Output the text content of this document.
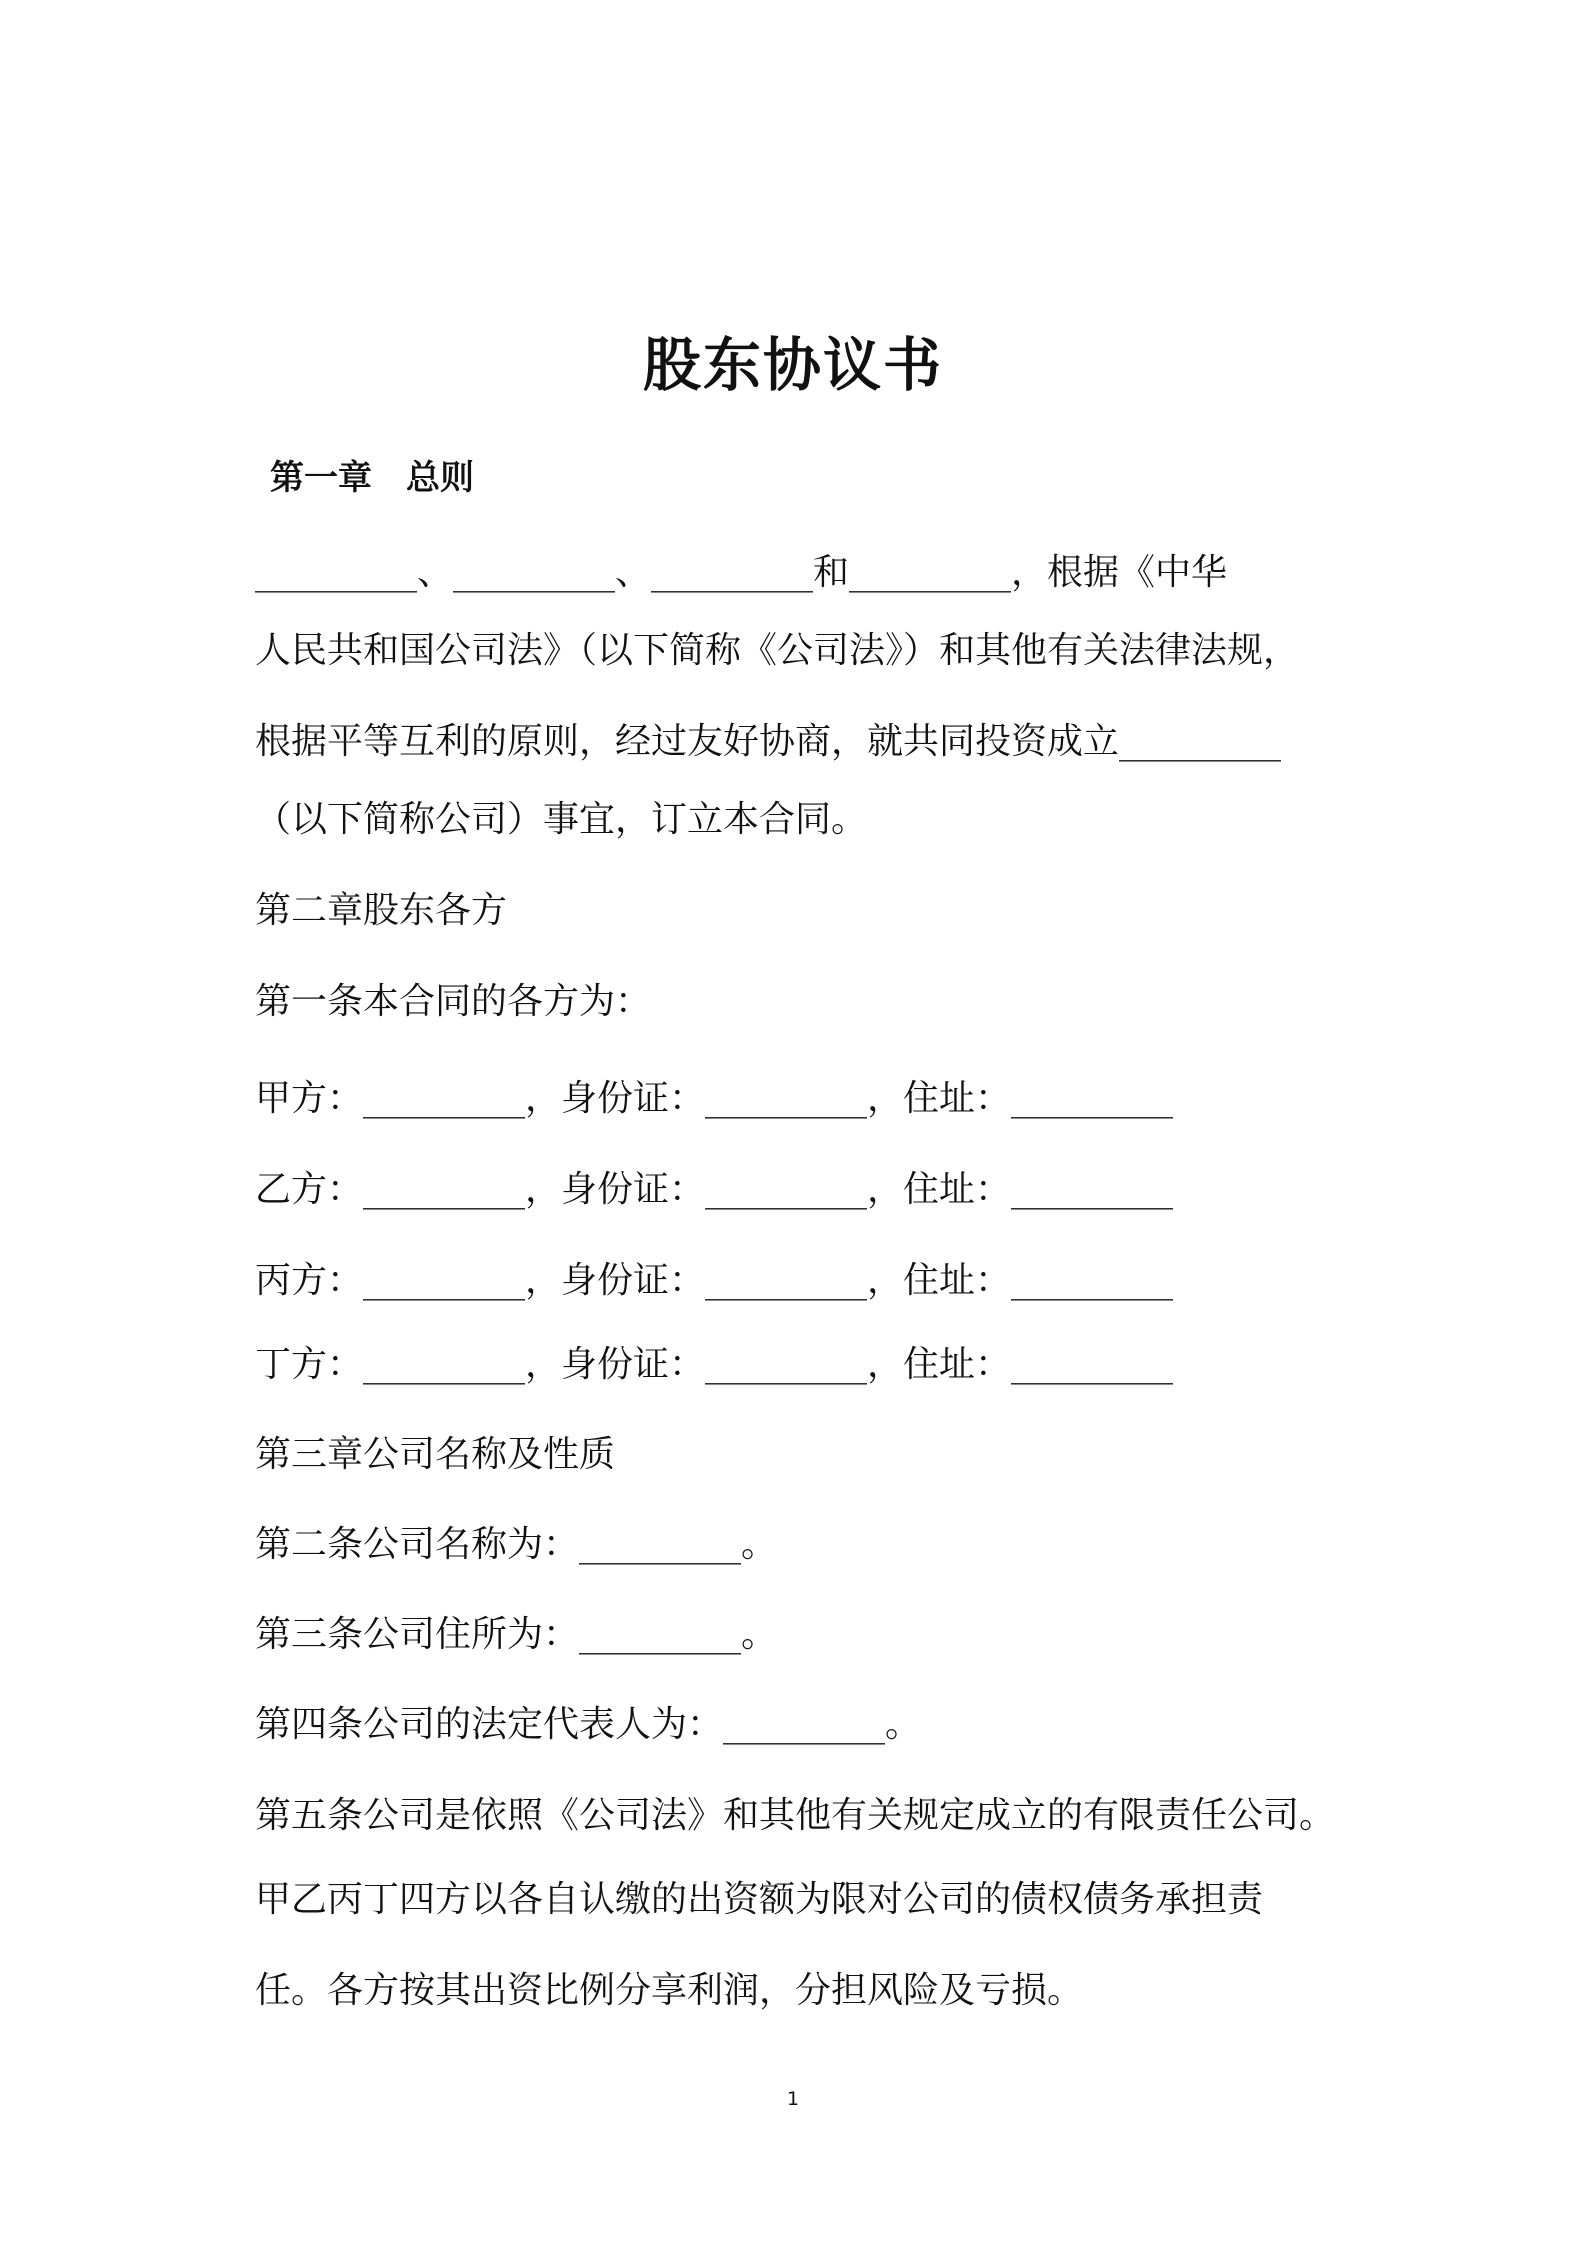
股东协议书
第一章　总则

_________、_________、_________和_________，根据《中华

人民共和国公司法》（以下简称《公司法》）和其他有关法律法规，

根据平等互利的原则，经过友好协商，就共同投资成立_________

（以下简称公司）事宜，订立本合同。

第二章股东各方

第一条本合同的各方为：

甲方：_________，身份证：_________，住址：_________

乙方：_________，身份证：_________，住址：_________

丙方：_________，身份证：_________，住址：_________

丁方：_________，身份证：_________，住址：_________

第三章公司名称及性质

第二条公司名称为：_________。

第三条公司住所为：_________。

第四条公司的法定代表人为：_________。

第五条公司是依照《公司法》和其他有关规定成立的有限责任公司。

甲乙丙丁四方以各自认缴的出资额为限对公司的债权债务承担责

任。各方按其出资比例分享利润，分担风险及亏损。

1
